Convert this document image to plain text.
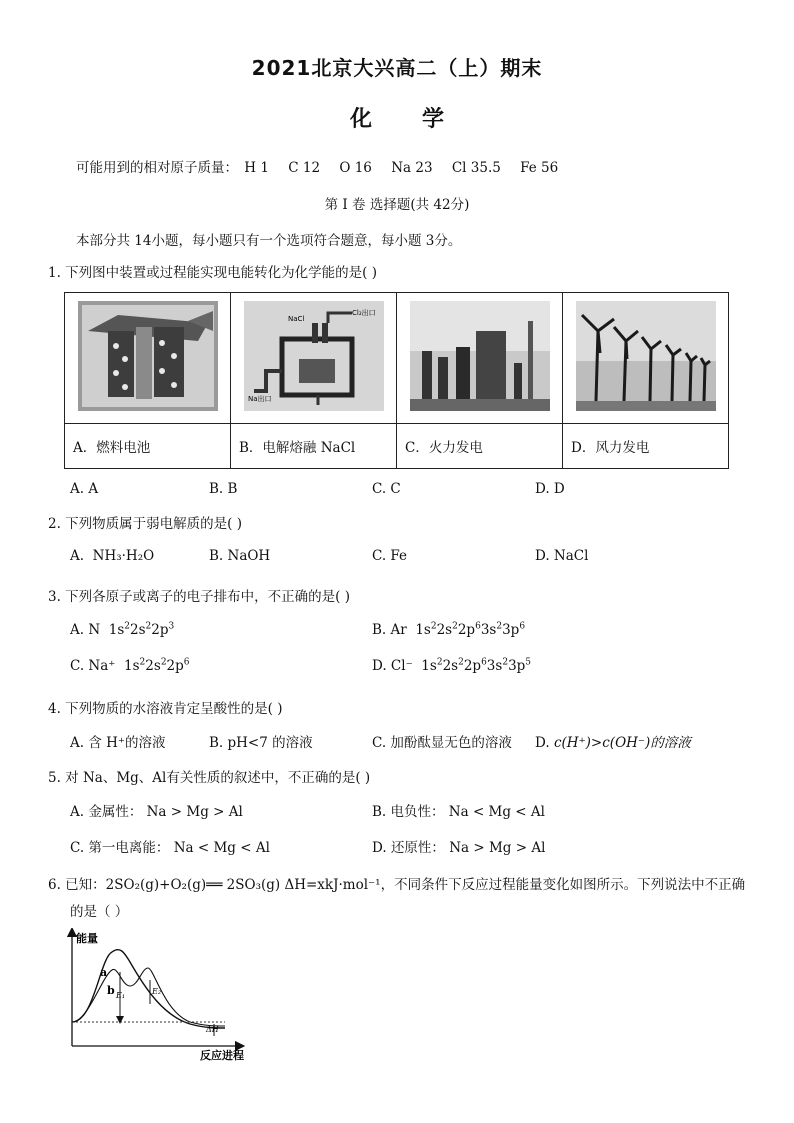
2021北京大兴高二（上）期末
化 学
可能用到的相对原子质量： H 1 C 12 O 16 Na 23 Cl 35.5 Fe 56
第 I 卷 选择题(共 42分)
本部分共 14小题，每小题只有一个选项符合题意，每小题 3分。
1. 下列图中装置或过程能实现电能转化为化学能的是( )

NaCl
Cl₂出口
Na出口

A．燃料电池	B．电解熔融 NaCl	C．火力发电	D．风力发电
A. A	B. B	C. C	D. D
2. 下列物质属于弱电解质的是( )
A. NH₃·H₂O	B. NaOH	C. Fe	D. NaCl
3. 下列各原子或离子的电子排布中，不正确的是( )
A. N $1s^22s^22p^3$	B. Ar $1s^22s^22p^63s^23p^6$
C. Na⁺ $1s^22s^22p^6$	D. Cl⁻ $1s^22s^22p^63s^23p^5$
4. 下列物质的水溶液肯定呈酸性的是( )
A. 含 H⁺的溶液	B. pH<7 的溶液	C. 加酚酞显无色的溶液 D. c(H⁺)>c(OH⁻)的溶液
5. 对 Na、Mg、Al有关性质的叙述中，不正确的是( )
A. 金属性： Na > Mg > Al	B. 电负性： Na < Mg < Al
C. 第一电离能： Na < Mg < Al	D. 还原性： Na > Mg > Al
6. 已知：2SO₂(g)+O₂(g)══ 2SO₃(g) ΔH=xkJ·mol⁻¹，不同条件下反应过程能量变化如图所示。下列说法中不正确
的是（ ）
能量
反应进程
a
b E₁	E₂
ΔH
